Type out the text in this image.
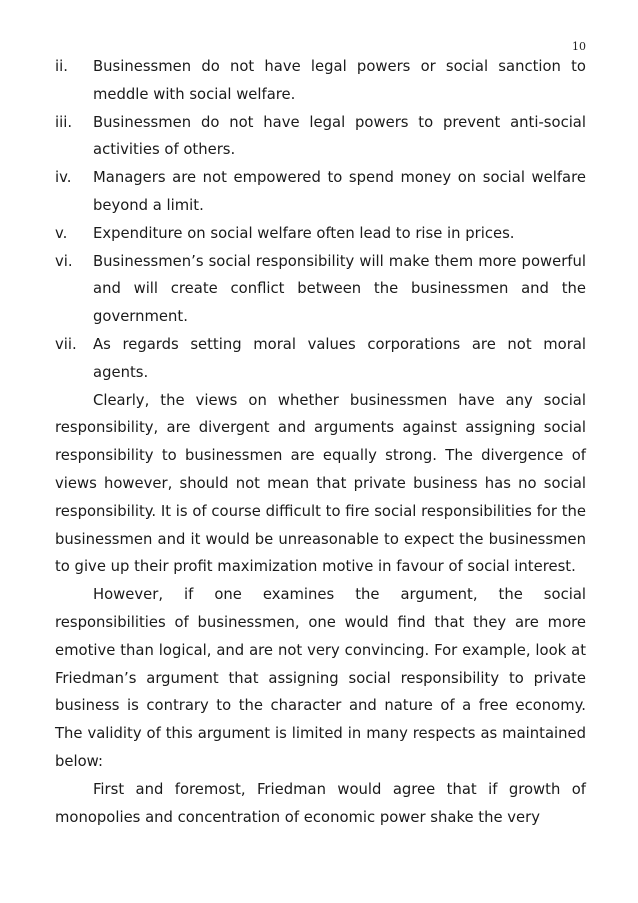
10
ii.	Businessmen do not have legal powers or social sanction to meddle with social welfare.
iii.	Businessmen do not have legal powers to prevent anti-social activities of others.
iv.	Managers are not empowered to spend money on social welfare beyond a limit.
v.	Expenditure on social welfare often lead to rise in prices.
vi.	Businessmen’s social responsibility will make them more powerful and will create conflict between the businessmen and the government.
vii.	As regards setting moral values corporations are not moral agents.

Clearly, the views on whether businessmen have any social responsibility, are divergent and arguments against assigning social responsibility to businessmen are equally strong. The divergence of views however, should not mean that private business has no social responsibility. It is of course difficult to fire social responsibilities for the businessmen and it would be unreasonable to expect the businessmen to give up their profit maximization motive in favour of social interest.

However, if one examines the argument, the social responsibilities of businessmen, one would find that they are more emotive than logical, and are not very convincing. For example, look at Friedman’s argument that assigning social responsibility to private business is contrary to the character and nature of a free economy. The validity of this argument is limited in many respects as maintained below:

First and foremost, Friedman would agree that if growth of monopolies and concentration of economic power shake the very
